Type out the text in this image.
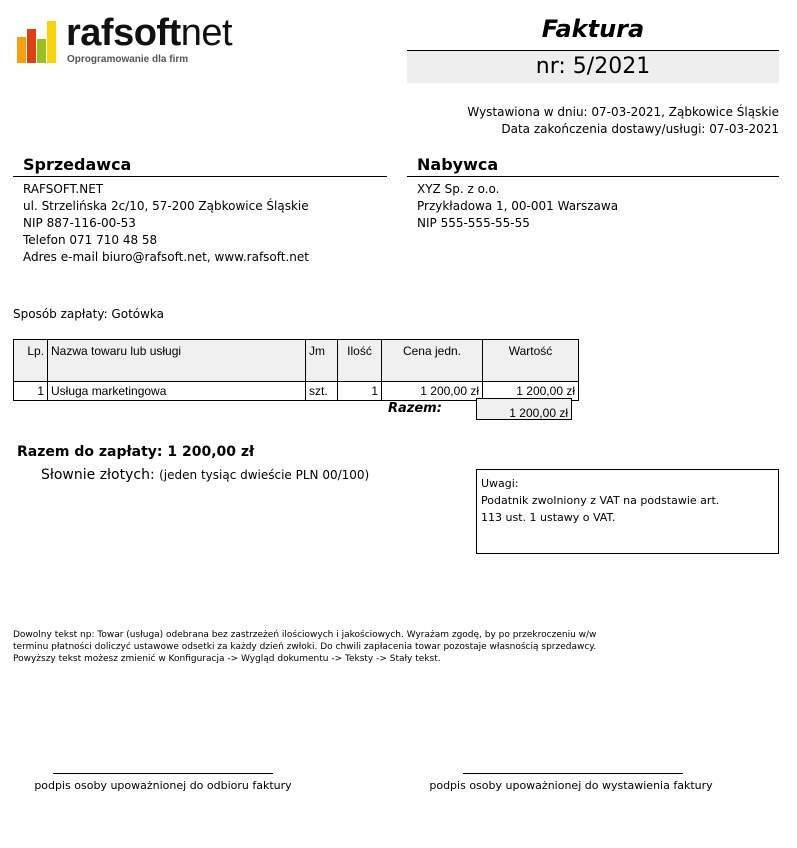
rafsoftnet
Oprogramowanie dla firm
Faktura
nr: 5/2021
Wystawiona w dniu: 07-03-2021, Ząbkowice Śląskie
Data zakończenia dostawy/usługi: 07-03-2021
Sprzedawca
RAFSOFT.NET
ul. Strzelińska 2c/10, 57-200 Ząbkowice Śląskie
NIP 887-116-00-53
Telefon 071 710 48 58
Adres e-mail biuro@rafsoft.net, www.rafsoft.net
Nabywca
XYZ Sp. z o.o.
Przykładowa 1, 00-001 Warszawa
NIP 555-555-55-55
Sposób zapłaty: Gotówka
Lp.	Nazwa towaru lub usługi	Jm	Ilość	Cena jedn.	Wartość
1	Usługa marketingowa	szt.	1	1 200,00 zł	1 200,00 zł
Razem:	1 200,00 zł
Razem do zapłaty: 1 200,00 zł
Słownie złotych: (jeden tysiąc dwieście PLN 00/100)
Uwagi:
Podatnik zwolniony z VAT na podstawie art.
113 ust. 1 ustawy o VAT.
Dowolny tekst np: Towar (usługa) odebrana bez zastrzeżeń ilościowych i jakościowych. Wyrażam zgodę, by po przekroczeniu w/w
terminu płatności doliczyć ustawowe odsetki za każdy dzień zwłoki. Do chwili zapłacenia towar pozostaje własnością sprzedawcy.
Powyższy tekst możesz zmienić w Konfiguracja -> Wygląd dokumentu -> Teksty -> Stały tekst.
podpis osoby upoważnionej do odbioru faktury	podpis osoby upoważnionej do wystawienia faktury
